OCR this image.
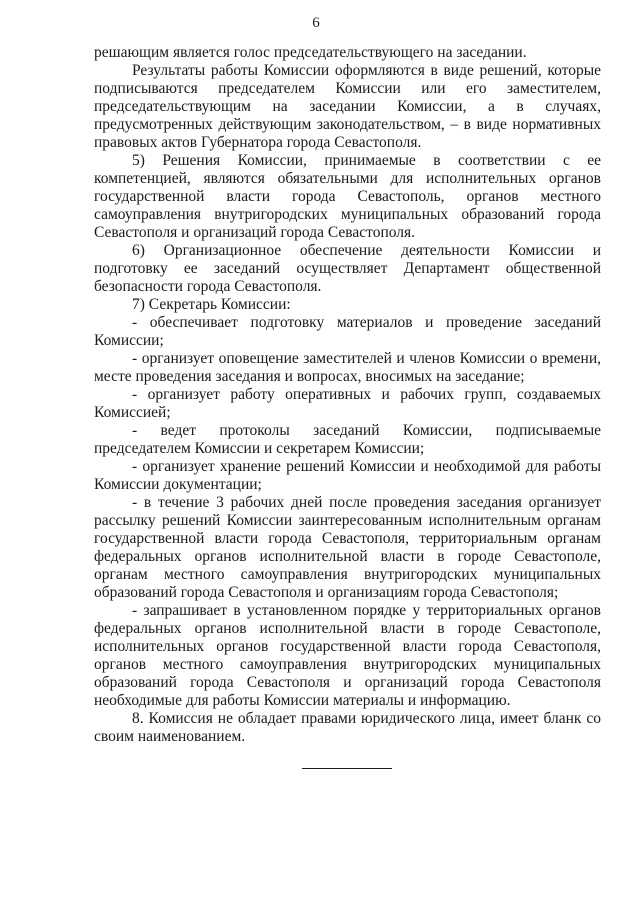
6

решающим является голос председательствующего на заседании.

Результаты работы Комиссии оформляются в виде решений, которые подписываются председателем Комиссии или его заместителем, председательствующим на заседании Комиссии, а в случаях, предусмотренных действующим законодательством, – в виде нормативных правовых актов Губернатора города Севастополя.

5) Решения Комиссии, принимаемые в соответствии с ее компетенцией, являются обязательными для исполнительных органов государственной власти города Севастополь, органов местного самоуправления внутригородских муниципальных образований города Севастополя и организаций города Севастополя.

6) Организационное обеспечение деятельности Комиссии и подготовку ее заседаний осуществляет Департамент общественной безопасности города Севастополя.

7) Секретарь Комиссии:

- обеспечивает подготовку материалов и проведение заседаний Комиссии;

- организует оповещение заместителей и членов Комиссии о времени, месте проведения заседания и вопросах, вносимых на заседание;

- организует работу оперативных и рабочих групп, создаваемых Комиссией;

- ведет протоколы заседаний Комиссии, подписываемые председателем Комиссии и секретарем Комиссии;

- организует хранение решений Комиссии и необходимой для работы Комиссии документации;

- в течение 3 рабочих дней после проведения заседания организует рассылку решений Комиссии заинтересованным исполнительным органам государственной власти города Севастополя, территориальным органам федеральных органов исполнительной власти в городе Севастополе, органам местного самоуправления внутригородских муниципальных образований города Севастополя и организациям города Севастополя;

- запрашивает в установленном порядке у территориальных органов федеральных органов исполнительной власти в городе Севастополе, исполнительных органов государственной власти города Севастополя, органов местного самоуправления внутригородских муниципальных образований города Севастополя и организаций города Севастополя необходимые для работы Комиссии материалы и информацию.

8. Комиссия не обладает правами юридического лица, имеет бланк со своим наименованием.
